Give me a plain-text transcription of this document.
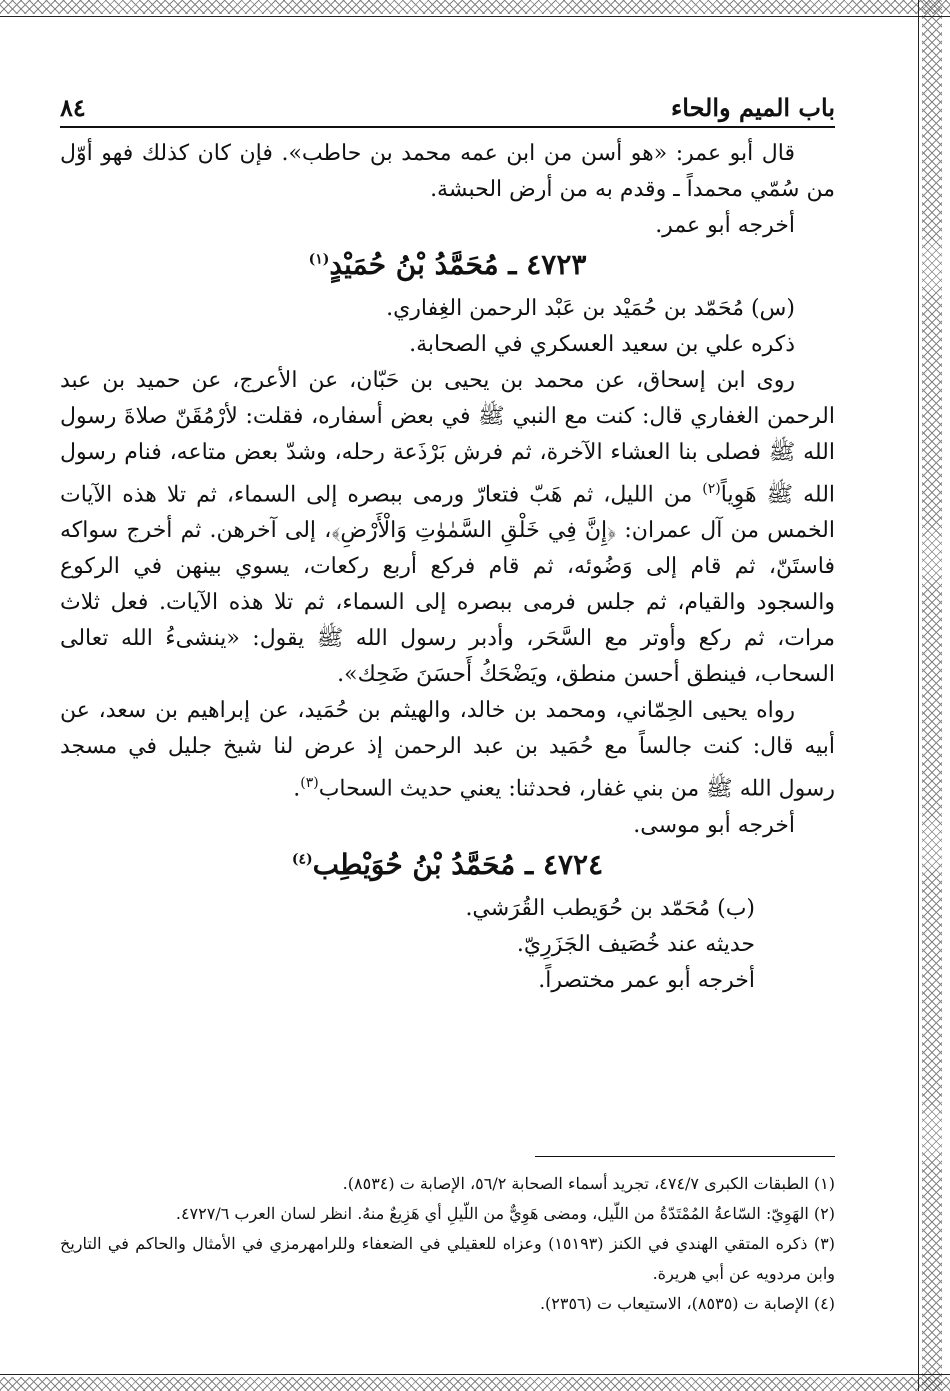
باب الميم والحاء
٨٤

قال أبو عمر: «هو أسن من ابن عمه محمد بن حاطب». فإن كان كذلك فهو أوّل من سُمّي محمداً ـ وقدم به من أرض الحبشة.

أخرجه أبو عمر.

٤٧٢٣ ـ مُحَمَّدُ بْنُ حُمَيْدٍ$^{(١)}$

(س) مُحَمّد بن حُمَيْد بن عَبْد الرحمن الغِفاري.

ذكره علي بن سعيد العسكري في الصحابة.

روى ابن إسحاق، عن محمد بن يحيى بن حَبّان، عن الأعرج، عن حميد بن عبد الرحمن الغفاري قال: كنت مع النبي ﷺ في بعض أسفاره، فقلت: لأرْمُقَنّ صلاةَ رسول الله ﷺ فصلى بنا العشاء الآخرة، ثم فرش بَرْذَعة رحله، وشدّ بعض متاعه، فنام رسول الله ﷺ هَوِياً$^{(٢)}$ من الليل، ثم هَبّ فتعارّ ورمى ببصره إلى السماء، ثم تلا هذه الآيات الخمس من آل عمران: ﴿إِنَّ فِي خَلْقِ السَّمٰوٰتِ وَالْأَرْضِ﴾، إلى آخرهن. ثم أخرج سواكه فاستَنّ، ثم قام إلى وَضُوئه، ثم قام فركع أربع ركعات، يسوي بينهن في الركوع والسجود والقيام، ثم جلس فرمى ببصره إلى السماء، ثم تلا هذه الآيات. فعل ثلاث مرات، ثم ركع وأوتر مع السَّحَر، وأدبر رسول الله ﷺ يقول: «ينشىءُ الله تعالى السحاب، فينطق أحسن منطق، ويَضْحَكُ أَحسَنَ ضَحِك».

رواه يحيى الحِمّاني، ومحمد بن خالد، والهيثم بن حُمَيد، عن إبراهيم بن سعد، عن أبيه قال: كنت جالساً مع حُمَيد بن عبد الرحمن إذ عرض لنا شيخ جليل في مسجد رسول الله ﷺ من بني غفار، فحدثنا: يعني حديث السحاب$^{(٣)}$.

أخرجه أبو موسى.

٤٧٢٤ ـ مُحَمَّدُ بْنُ حُوَيْطِب$^{(٤)}$

(ب) مُحَمّد بن حُوَيطب القُرَشي.

حديثه عند خُصَيف الجَزَرِيّ.

أخرجه أبو عمر مختصراً.

(١) الطبقات الكبرى ٤٧٤/٧، تجريد أسماء الصحابة ٥٦/٢، الإصابة ت (٨٥٣٤).

(٢) الهَوِيّ: السّاعةُ المُمْتَدّةُ من اللّيل، ومضى هَوِيٌّ من اللّيلِ أي هَزِيعٌ منهُ. انظر لسان العرب ٤٧٢٧/٦.

(٣) ذكره المتقي الهندي في الكنز (١٥١٩٣) وعزاه للعقيلي في الضعفاء وللرامهرمزي في الأمثال والحاكم في التاريخ وابن مردويه عن أبي هريرة.

(٤) الإصابة ت (٨٥٣٥)، الاستيعاب ت (٢٣٥٦).
